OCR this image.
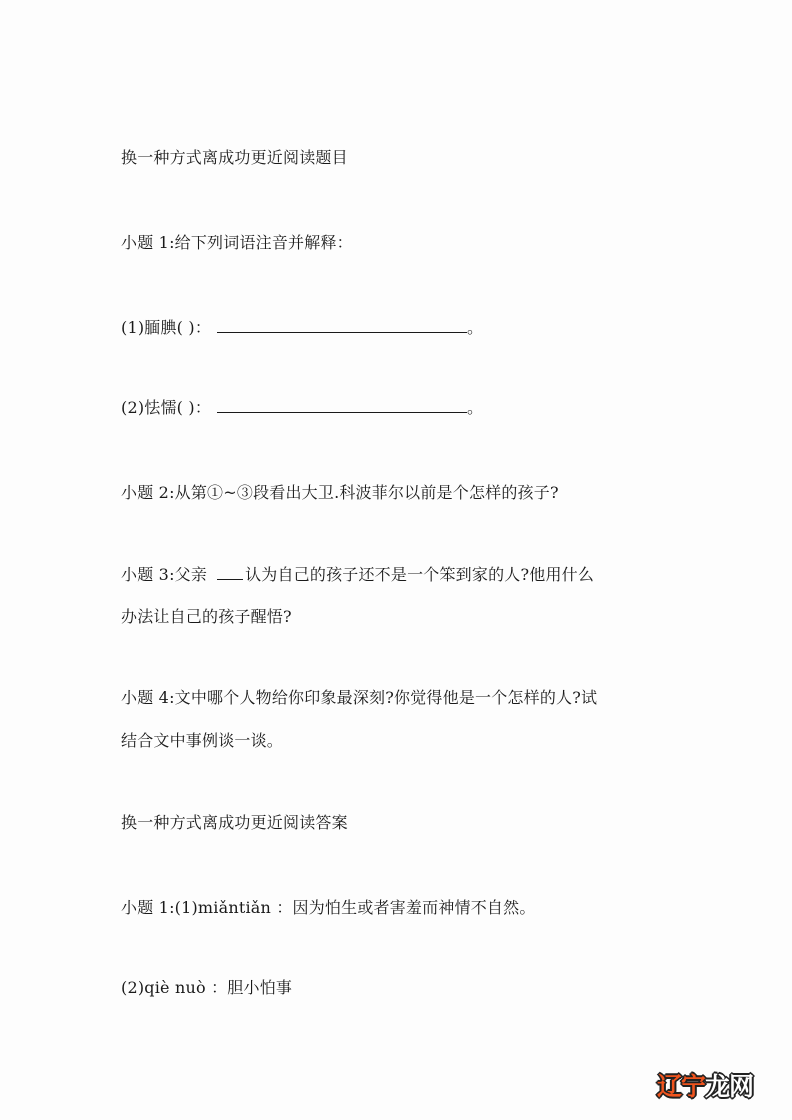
换一种方式离成功更近阅读题目
小题 1:给下列词语注音并解释：
(1)腼腆( )：	。
(2)怯懦( )：	。
小题 2:从第①~③段看出大卫.科波菲尔以前是个怎样的孩子?
小题 3:父亲 认为自己的孩子还不是一个笨到家的人?他用什么
办法让自己的孩子醒悟?
小题 4:文中哪个人物给你印象最深刻?你觉得他是一个怎样的人?试
结合文中事例谈一谈。
换一种方式离成功更近阅读答案
小题 1:(1)miǎntiǎn ：因为怕生或者害羞而神情不自然。
(2)qiè nuò ：胆小怕事
辽宁龙网
